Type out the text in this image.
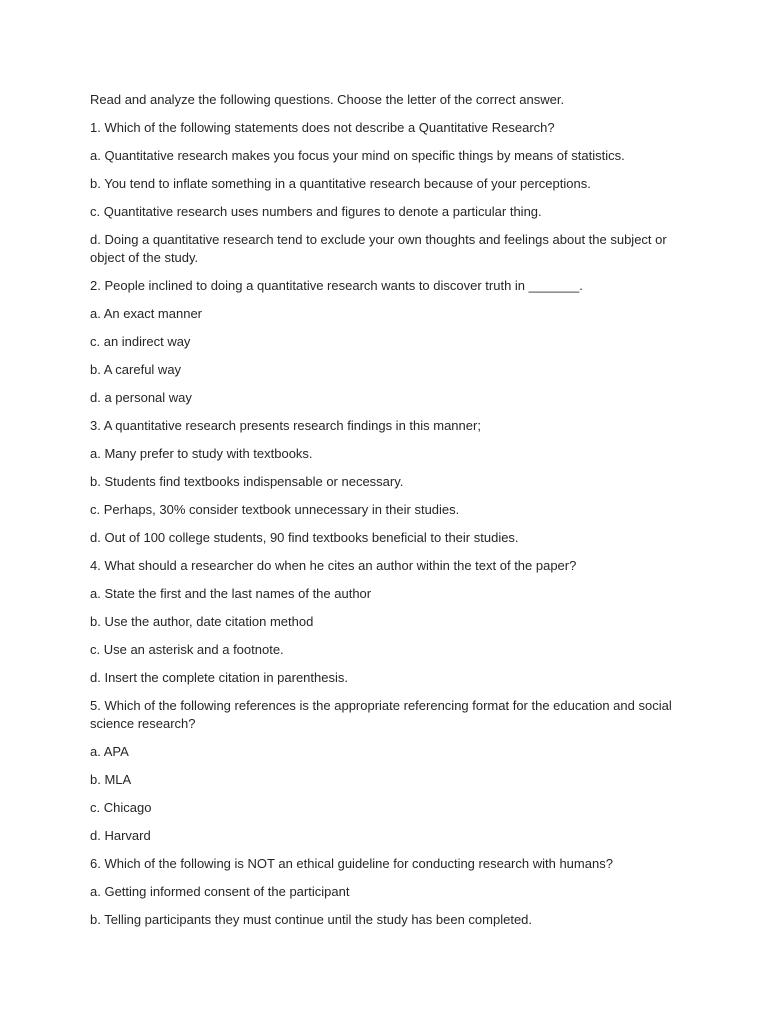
Read and analyze the following questions. Choose the letter of the correct answer.

1. Which of the following statements does not describe a Quantitative Research?

a. Quantitative research makes you focus your mind on specific things by means of statistics.

b. You tend to inflate something in a quantitative research because of your perceptions.

c. Quantitative research uses numbers and figures to denote a particular thing.

d. Doing a quantitative research tend to exclude your own thoughts and feelings about the subject or object of the study.

2. People inclined to doing a quantitative research wants to discover truth in _______.

a. An exact manner

c. an indirect way

b. A careful way

d. a personal way

3. A quantitative research presents research findings in this manner;

a. Many prefer to study with textbooks.

b. Students find textbooks indispensable or necessary.

c. Perhaps, 30% consider textbook unnecessary in their studies.

d. Out of 100 college students, 90 find textbooks beneficial to their studies.

4. What should a researcher do when he cites an author within the text of the paper?

a. State the first and the last names of the author

b. Use the author, date citation method

c. Use an asterisk and a footnote.

d. Insert the complete citation in parenthesis.

5. Which of the following references is the appropriate referencing format for the education and social science research?

a. APA

b. MLA

c. Chicago

d. Harvard

6. Which of the following is NOT an ethical guideline for conducting research with humans?

a. Getting informed consent of the participant

b. Telling participants they must continue until the study has been completed.
